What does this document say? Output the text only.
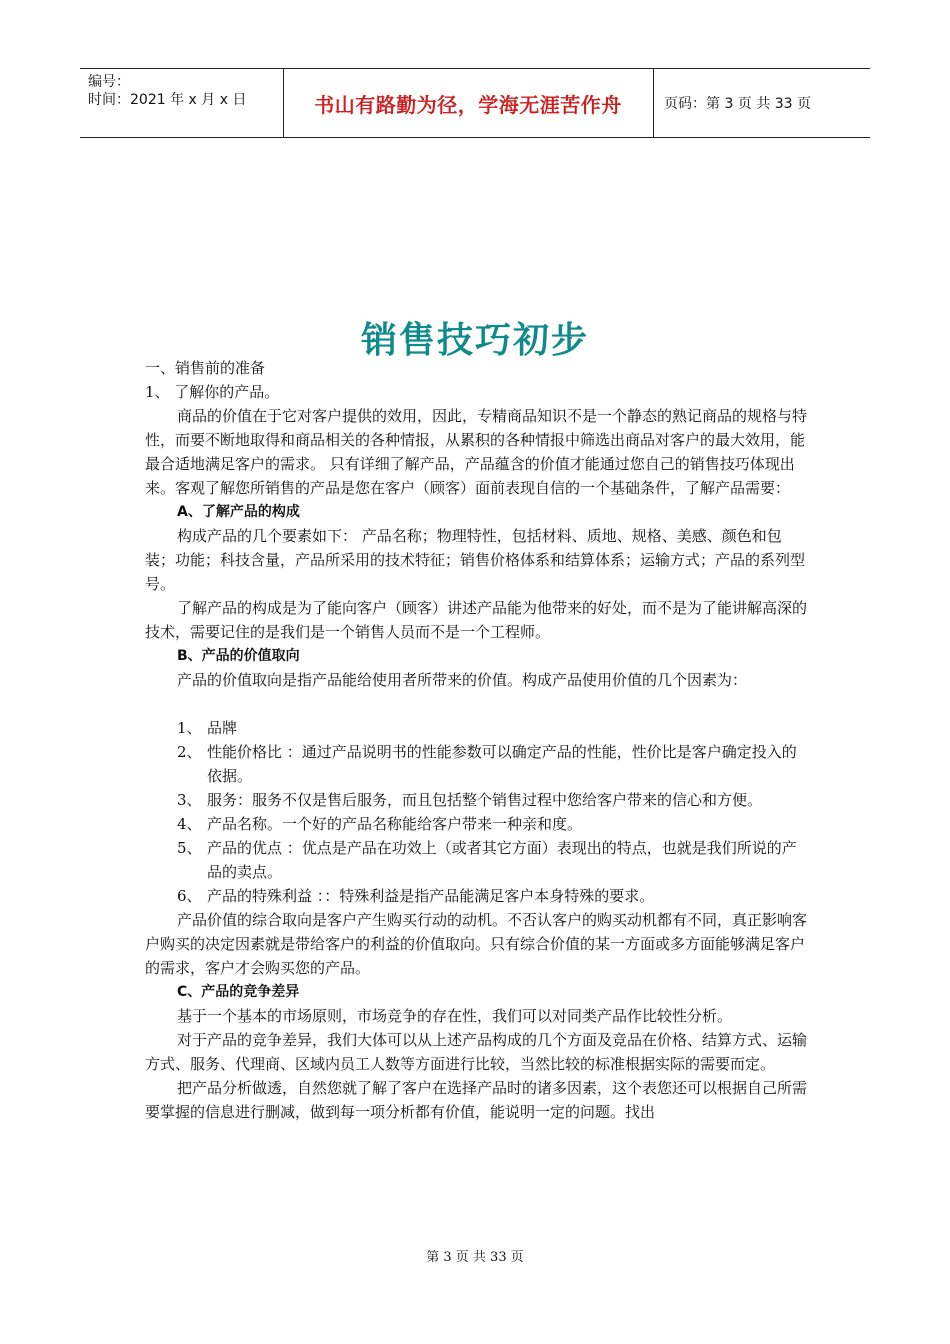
编号：
时间：2021 年 x 月 x 日	书山有路勤为径，学海无涯苦作舟	页码：第 3 页 共 33 页
销售技巧初步

一、销售前的准备

1、 了解你的产品。

商品的价值在于它对客户提供的效用，因此，专精商品知识不是一个静态的熟记商品的规格与特性，而要不断地取得和商品相关的各种情报，从累积的各种情报中筛选出商品对客户的最大效用，能最合适地满足客户的需求。 只有详细了解产品，产品蕴含的价值才能通过您自己的销售技巧体现出来。客观了解您所销售的产品是您在客户（顾客）面前表现自信的一个基础条件，了解产品需要：

A、了解产品的构成

构成产品的几个要素如下： 产品名称；物理特性，包括材料、质地、规格、美感、颜色和包装；功能；科技含量，产品所采用的技术特征；销售价格体系和结算体系；运输方式；产品的系列型号。

了解产品的构成是为了能向客户（顾客）讲述产品能为他带来的好处，而不是为了能讲解高深的技术，需要记住的是我们是一个销售人员而不是一个工程师。

B、产品的价值取向

产品的价值取向是指产品能给使用者所带来的价值。构成产品使用价值的几个因素为：

1、 品牌
2、 性能价格比 ：通过产品说明书的性能参数可以确定产品的性能，性价比是客户确定投入的依据。
3、 服务：服务不仅是售后服务，而且包括整个销售过程中您给客户带来的信心和方便。
4、 产品名称。一个好的产品名称能给客户带来一种亲和度。
5、 产品的优点 ：优点是产品在功效上（或者其它方面）表现出的特点，也就是我们所说的产品的卖点。
6、 产品的特殊利益 ：：特殊利益是指产品能满足客户本身特殊的要求。

产品价值的综合取向是客户产生购买行动的动机。不否认客户的购买动机都有不同，真正影响客户购买的决定因素就是带给客户的利益的价值取向。只有综合价值的某一方面或多方面能够满足客户的需求，客户才会购买您的产品。

C、产品的竞争差异

基于一个基本的市场原则，市场竞争的存在性，我们可以对同类产品作比较性分析。

对于产品的竞争差异，我们大体可以从上述产品构成的几个方面及竞品在价格、结算方式、运输方式、服务、代理商、区域内员工人数等方面进行比较，当然比较的标准根据实际的需要而定。

把产品分析做透，自然您就了解了客户在选择产品时的诸多因素，这个表您还可以根据自己所需要掌握的信息进行删减，做到每一项分析都有价值，能说明一定的问题。找出

第 3 页 共 33 页
